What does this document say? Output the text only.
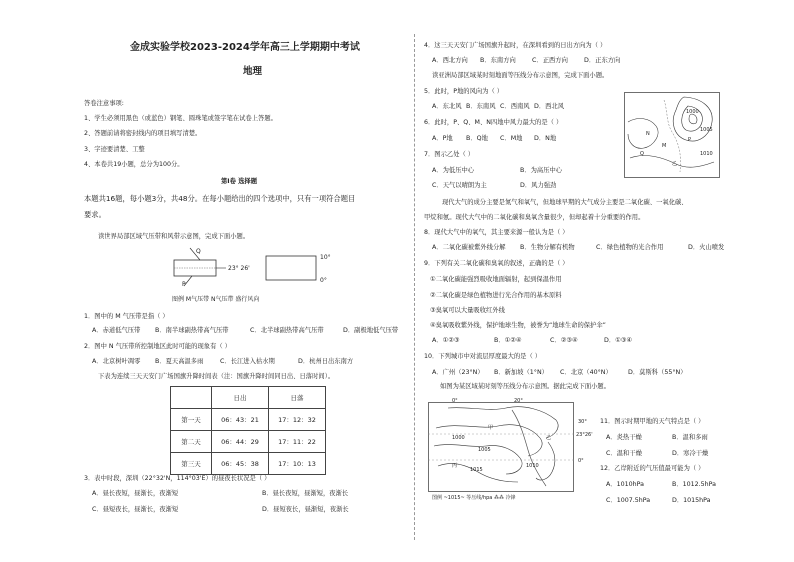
金成实验学校2023-2024学年高三上学期期中考试
地理
答卷注意事项:
1、学生必须用黑色（或蓝色）钢笔、圆珠笔或签字笔在试卷上答题。
2、答题前请将密封线内的项目填写清楚。
3、字迹要清楚、工整
4、本卷共19小题，总分为100分。
第Ⅰ卷 选择题
本题共16题，每小题3分，共48分。在每小题给出的四个选项中，只有一项符合题目
要求。
读世界局部区域气压带和风带示意图，完成下面小题。
Q
P
23° 26'
10°
0°
图例 M气压带 N气压带 盛行风向
1．图中的 M 气压带是指（ ）
A．赤道低气压带 B．南半球副热带高气压带	C．北半球副热带高气压带	D．副极地低气压带
2．图中 N 气压带所控制地区此时可能的现象有（ ）
A．北京树叶凋零 B．夏天高温多雨	C．长江进入枯水期	D．杭州日出东南方
下表为连续三天天安门广场国旗升降时间表（注：国旗升降时间同日出、日落时间）。
	日出	日落
第一天	06：43：21	17：12：32
第二天	06：44：29	17：11：22
第三天	06：45：38	17：10：13
3．表中时段，深圳（22°32'N，114°03'E）的昼夜长状况是（ ）
A．昼长夜短，昼渐长，夜渐短	B．昼长夜短，昼渐短，夜渐长
C．昼短夜长，昼渐长，夜渐短	D．昼短夜长，昼渐短，夜渐长
4．这三天天安门广场国旗升起时，在深圳看到的日出方向为（ ）
A．西北方向 B．东南方向	C．正西方向	D．正东方向
读亚洲局部区域某时刻地面等压线分布示意图，完成下面小题。
5．此时，P地的风向为（ ）
A．东北风 B．东南风 C．西南风 D．西北风
6．此时，P、Q、M、N四地中风力最大的是（ ）
A．P地 B．Q地 C．M地 D．N地
7．图示乙处（ ）
A．为低压中心	B．为高压中心
C．天气以晴朗为主	D．风力强劲
1000
1005
1010
N
M
P
Q
乙
现代大气的成分主要是氮气和氧气，但地球早期的大气成分主要是二氧化碳、一氧化碳、
甲烷和氨。现代大气中的二氧化碳和臭氧含量很少，但却起着十分重要的作用。
8．现代大气中的氧气，其主要来源一般认为是（ ）
A．二氧化碳被紫外线分解 B．生物分解有机物	C．绿色植物的光合作用	D．火山喷发
9．下列有关二氧化碳和臭氧的叙述，正确的是（ ）
①二氧化碳能强烈吸收地面辐射，起到保温作用
②二氧化碳是绿色植物进行光合作用的基本原料
③臭氧可以大量吸收红外线
④臭氧吸收紫外线，保护地球生物，被誉为“地球生命的保护伞”
A．①②③	B．①②④	C．②③④	D．①③④
10．下列城市中对流层厚度最大的是（ ）
A．广州（23°N） B．新加坡（1°N） C．北京（40°N）	D．莫斯科（55°N）
如图为某区域某时刻等压线分布示意图。据此完成下面小题。
0°	20°
30°
23°26'
0°
1015
1010
1005
1000
甲
乙
丙
图例 ~1015~ 等压线/hpa ⁂⁂ 冷锋
11．图示时期甲地的天气特点是（ ）
A．炎热干燥	B．温和多雨
C．温和干燥	D．寒冷干燥
12．乙岸附近的气压值最可能为（ ）
A．1010hPa	B．1012.5hPa
C．1007.5hPa	D．1015hPa
